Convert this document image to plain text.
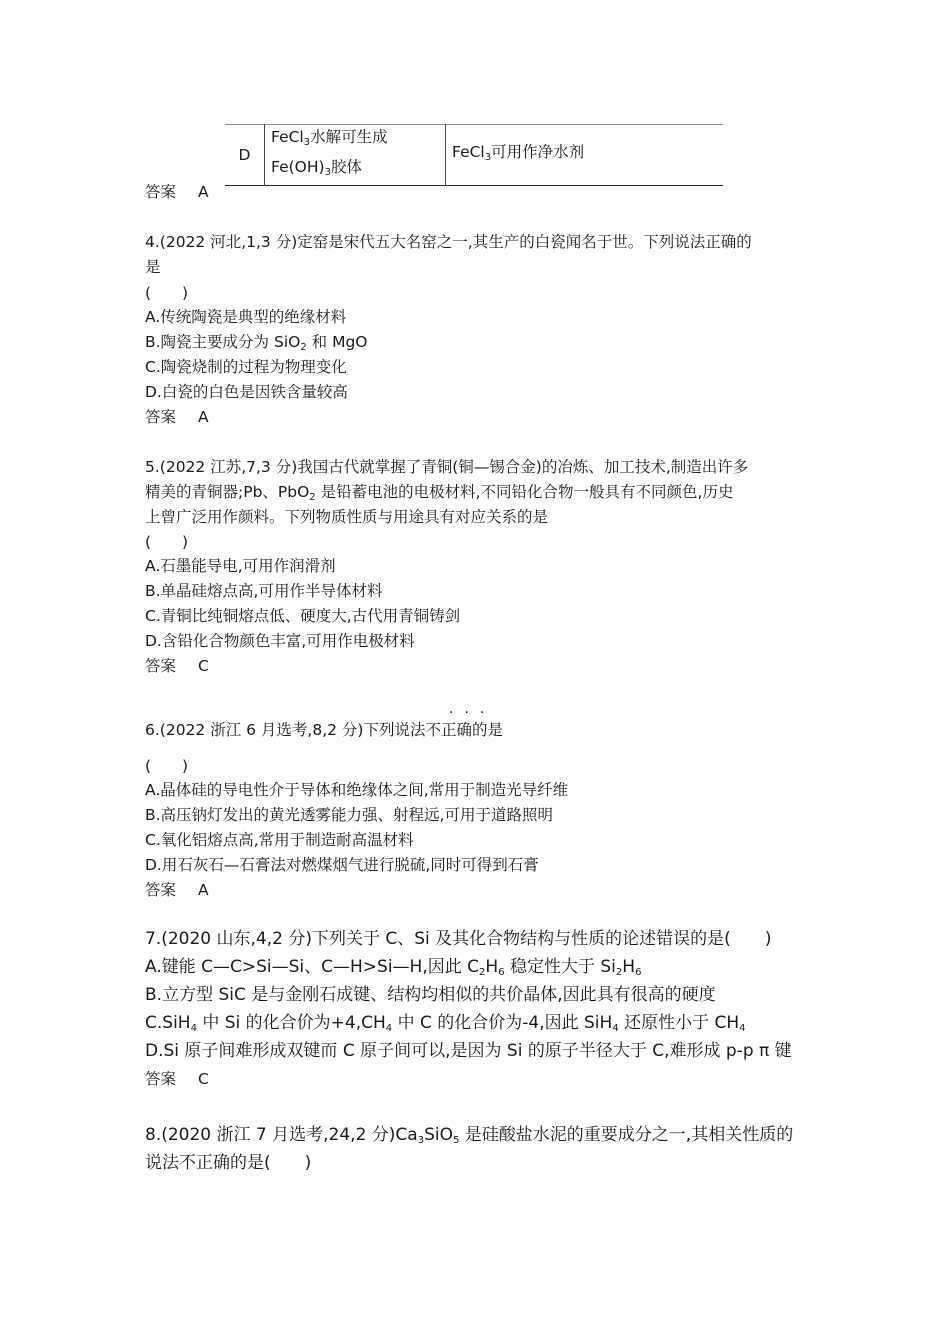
D	FeCl$_3$水解可生成
$Fe(OH)_3$胶体	FeCl$_3$可用作净水剂
答案 A
4.(2022 河北,1,3 分)定窑是宋代五大名窑之一,其生产的白瓷闻名于世。下列说法正确的
是
(　　)
A.传统陶瓷是典型的绝缘材料
B.陶瓷主要成分为 SiO$_2$ 和 MgO
C.陶瓷烧制的过程为物理变化
D.白瓷的白色是因铁含量较高
答案 A
5.(2022 江苏,7,3 分)我国古代就掌握了青铜(铜—锡合金)的冶炼、加工技术,制造出许多
精美的青铜器;Pb、PbO$_2$ 是铅蓄电池的电极材料,不同铅化合物一般具有不同颜色,历史
上曾广泛用作颜料。下列物质性质与用途具有对应关系的是
(　　)
A.石墨能导电,可用作润滑剂
B.单晶硅熔点高,可用作半导体材料
C.青铜比纯铜熔点低、硬度大,古代用青铜铸剑
D.含铅化合物颜色丰富,可用作电极材料
答案 C
···
6.(2022 浙江 6 月选考,8,2 分)下列说法不正确的是
(　　)
A.晶体硅的导电性介于导体和绝缘体之间,常用于制造光导纤维
B.高压钠灯发出的黄光透雾能力强、射程远,可用于道路照明
C.氧化铝熔点高,常用于制造耐高温材料
D.用石灰石—石膏法对燃煤烟气进行脱硫,同时可得到石膏
答案 A
7.(2020 山东,4,2 分)下列关于 C、Si 及其化合物结构与性质的论述错误的是(　　)
A.键能 C—C>Si—Si、C—H>Si—H,因此 $C_2H_6$ 稳定性大于 $Si_2H_6$
B.立方型 SiC 是与金刚石成键、结构均相似的共价晶体,因此具有很高的硬度
C.SiH$_4$ 中 Si 的化合价为$+4,CH_4$ 中 C 的化合价为-4,因此 SiH$_4$ 还原性小于 $CH_4$
D.Si 原子间难形成双键而 C 原子间可以,是因为 Si 的原子半径大于 C,难形成 p-p π 键
答案 C
8.(2020 浙江 7 月选考,24,2 分)$Ca_3SiO_5$ 是硅酸盐水泥的重要成分之一,其相关性质的
说法不正确的是(　　)
